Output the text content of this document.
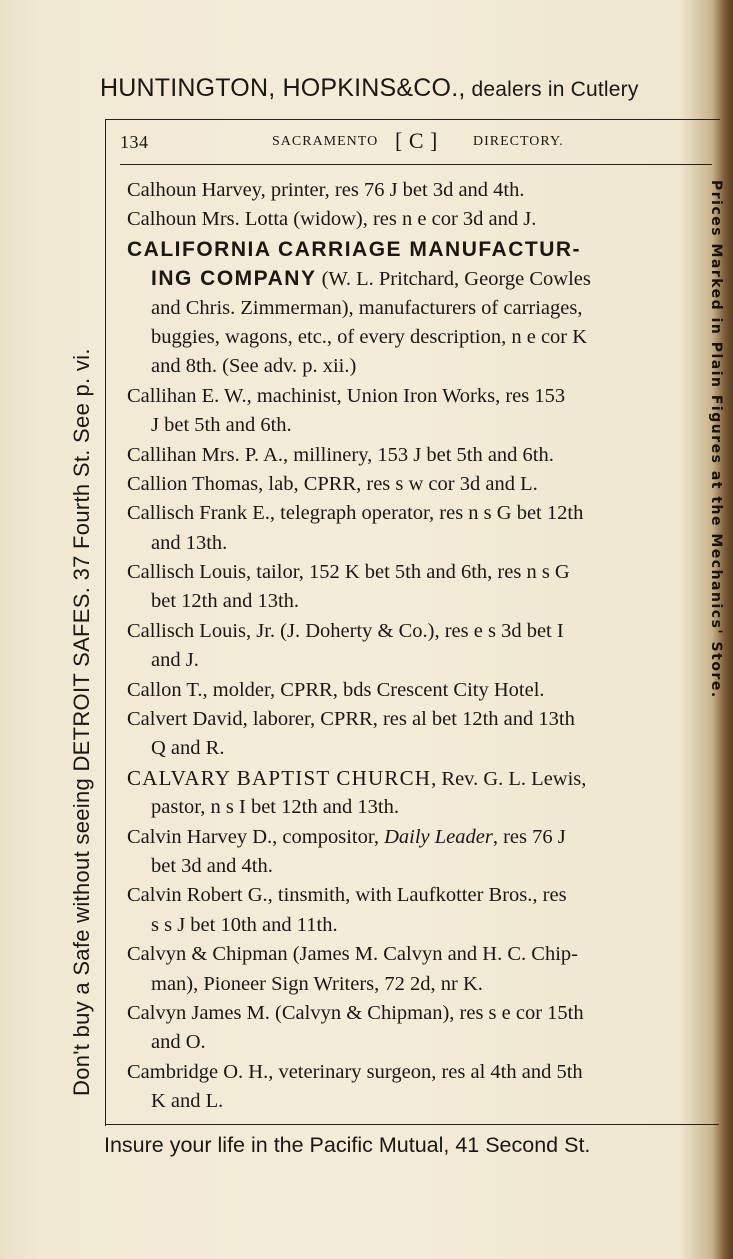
HUNTINGTON, HOPKINS&CO., dealers in Cutlery
Don't buy a Safe without seeing DETROIT SAFES. 37 Fourth St. See p. vi.	Prices Marked in Plain Figures at the Mechanics' Store.
134	SACRAMENTO [ C ]	DIRECTORY.
Calhoun Harvey, printer, res 76 J bet 3d and 4th.
Calhoun Mrs. Lotta (widow), res n e cor 3d and J.
CALIFORNIA CARRIAGE MANUFACTUR-
ING COMPANY (W. L. Pritchard, George Cowles
and Chris. Zimmerman), manufacturers of carriages,
buggies, wagons, etc., of every description, n e cor K
and 8th. (See adv. p. xii.)
Callihan E. W., machinist, Union Iron Works, res 153
J bet 5th and 6th.
Callihan Mrs. P. A., millinery, 153 J bet 5th and 6th.
Callion Thomas, lab, CPRR, res s w cor 3d and L.
Callisch Frank E., telegraph operator, res n s G bet 12th
and 13th.
Callisch Louis, tailor, 152 K bet 5th and 6th, res n s G
bet 12th and 13th.
Callisch Louis, Jr. (J. Doherty & Co.), res e s 3d bet I
and J.
Callon T., molder, CPRR, bds Crescent City Hotel.
Calvert David, laborer, CPRR, res al bet 12th and 13th
Q and R.
CALVARY BAPTIST CHURCH, Rev. G. L. Lewis,
pastor, n s I bet 12th and 13th.
Calvin Harvey D., compositor, Daily Leader, res 76 J
bet 3d and 4th.
Calvin Robert G., tinsmith, with Laufkotter Bros., res
s s J bet 10th and 11th.
Calvyn & Chipman (James M. Calvyn and H. C. Chip-
man), Pioneer Sign Writers, 72 2d, nr K.
Calvyn James M. (Calvyn & Chipman), res s e cor 15th
and O.
Cambridge O. H., veterinary surgeon, res al 4th and 5th
K and L.
Insure your life in the Pacific Mutual, 41 Second St.
